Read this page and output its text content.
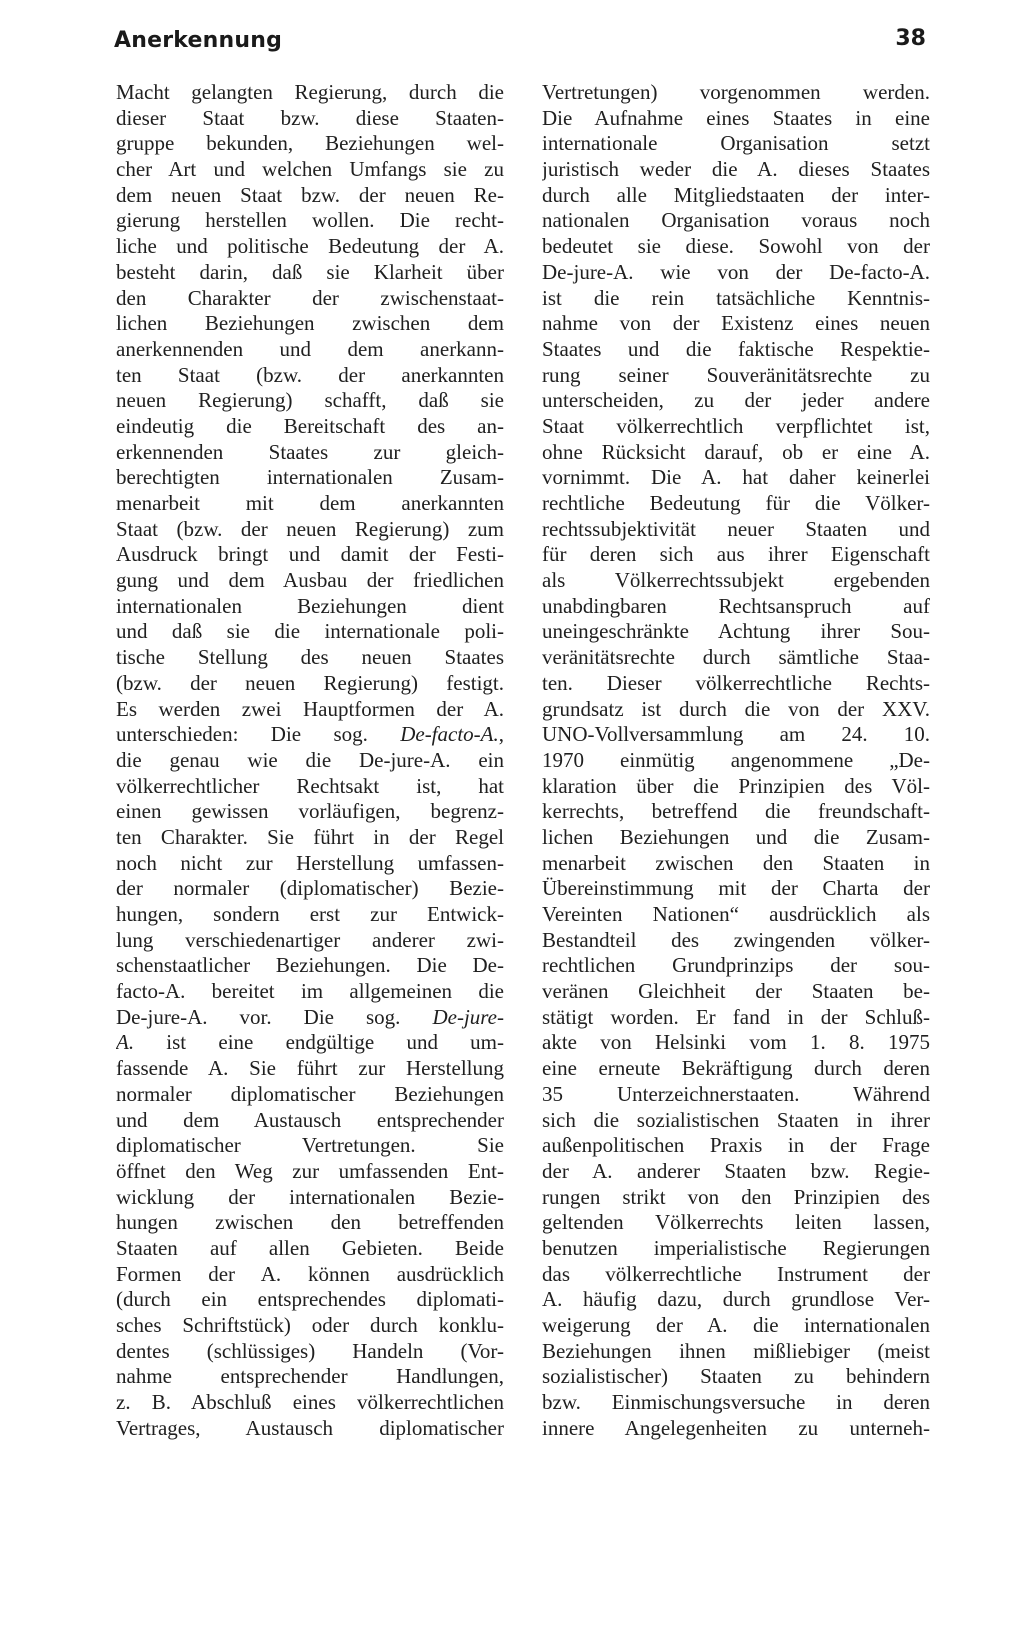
Anerkennung	38
Macht gelangten Regierung, durch die
dieser Staat bzw. diese Staaten-
gruppe bekunden, Beziehungen wel-
cher Art und welchen Umfangs sie zu
dem neuen Staat bzw. der neuen Re-
gierung herstellen wollen. Die recht-
liche und politische Bedeutung der A.
besteht darin, daß sie Klarheit über
den Charakter der zwischenstaat-
lichen Beziehungen zwischen dem
anerkennenden und dem anerkann-
ten Staat (bzw. der anerkannten
neuen Regierung) schafft, daß sie
eindeutig die Bereitschaft des an-
erkennenden Staates zur gleich-
berechtigten internationalen Zusam-
menarbeit mit dem anerkannten
Staat (bzw. der neuen Regierung) zum
Ausdruck bringt und damit der Festi-
gung und dem Ausbau der friedlichen
internationalen Beziehungen dient
und daß sie die internationale poli-
tische Stellung des neuen Staates
(bzw. der neuen Regierung) festigt.
Es werden zwei Hauptformen der A.
unterschieden: Die sog. De-facto-A.,
die genau wie die De-jure-A. ein
völkerrechtlicher Rechtsakt ist, hat
einen gewissen vorläufigen, begrenz-
ten Charakter. Sie führt in der Regel
noch nicht zur Herstellung umfassen-
der normaler (diplomatischer) Bezie-
hungen, sondern erst zur Entwick-
lung verschiedenartiger anderer zwi-
schenstaatlicher Beziehungen. Die De-
facto-A. bereitet im allgemeinen die
De-jure-A. vor. Die sog. De-jure-
A. ist eine endgültige und um-
fassende A. Sie führt zur Herstellung
normaler diplomatischer Beziehungen
und dem Austausch entsprechender
diplomatischer Vertretungen. Sie
öffnet den Weg zur umfassenden Ent-
wicklung der internationalen Bezie-
hungen zwischen den betreffenden
Staaten auf allen Gebieten. Beide
Formen der A. können ausdrücklich
(durch ein entsprechendes diplomati-
sches Schriftstück) oder durch konklu-
dentes (schlüssiges) Handeln (Vor-
nahme entsprechender Handlungen,
z. B. Abschluß eines völkerrechtlichen
Vertrages, Austausch diplomatischer
Vertretungen) vorgenommen werden.
Die Aufnahme eines Staates in eine
internationale Organisation setzt
juristisch weder die A. dieses Staates
durch alle Mitgliedstaaten der inter-
nationalen Organisation voraus noch
bedeutet sie diese. Sowohl von der
De-jure-A. wie von der De-facto-A.
ist die rein tatsächliche Kenntnis-
nahme von der Existenz eines neuen
Staates und die faktische Respektie-
rung seiner Souveränitätsrechte zu
unterscheiden, zu der jeder andere
Staat völkerrechtlich verpflichtet ist,
ohne Rücksicht darauf, ob er eine A.
vornimmt. Die A. hat daher keinerlei
rechtliche Bedeutung für die Völker-
rechtssubjektivität neuer Staaten und
für deren sich aus ihrer Eigenschaft
als Völkerrechtssubjekt ergebenden
unabdingbaren Rechtsanspruch auf
uneingeschränkte Achtung ihrer Sou-
veränitätsrechte durch sämtliche Staa-
ten. Dieser völkerrechtliche Rechts-
grundsatz ist durch die von der XXV.
UNO-Vollversammlung am 24. 10.
1970 einmütig angenommene „De-
klaration über die Prinzipien des Völ-
kerrechts, betreffend die freundschaft-
lichen Beziehungen und die Zusam-
menarbeit zwischen den Staaten in
Übereinstimmung mit der Charta der
Vereinten Nationen“ ausdrücklich als
Bestandteil des zwingenden völker-
rechtlichen Grundprinzips der sou-
veränen Gleichheit der Staaten be-
stätigt worden. Er fand in der Schluß-
akte von Helsinki vom 1. 8. 1975
eine erneute Bekräftigung durch deren
35 Unterzeichnerstaaten. Während
sich die sozialistischen Staaten in ihrer
außenpolitischen Praxis in der Frage
der A. anderer Staaten bzw. Regie-
rungen strikt von den Prinzipien des
geltenden Völkerrechts leiten lassen,
benutzen imperialistische Regierungen
das völkerrechtliche Instrument der
A. häufig dazu, durch grundlose Ver-
weigerung der A. die internationalen
Beziehungen ihnen mißliebiger (meist
sozialistischer) Staaten zu behindern
bzw. Einmischungsversuche in deren
innere Angelegenheiten zu unterneh-
